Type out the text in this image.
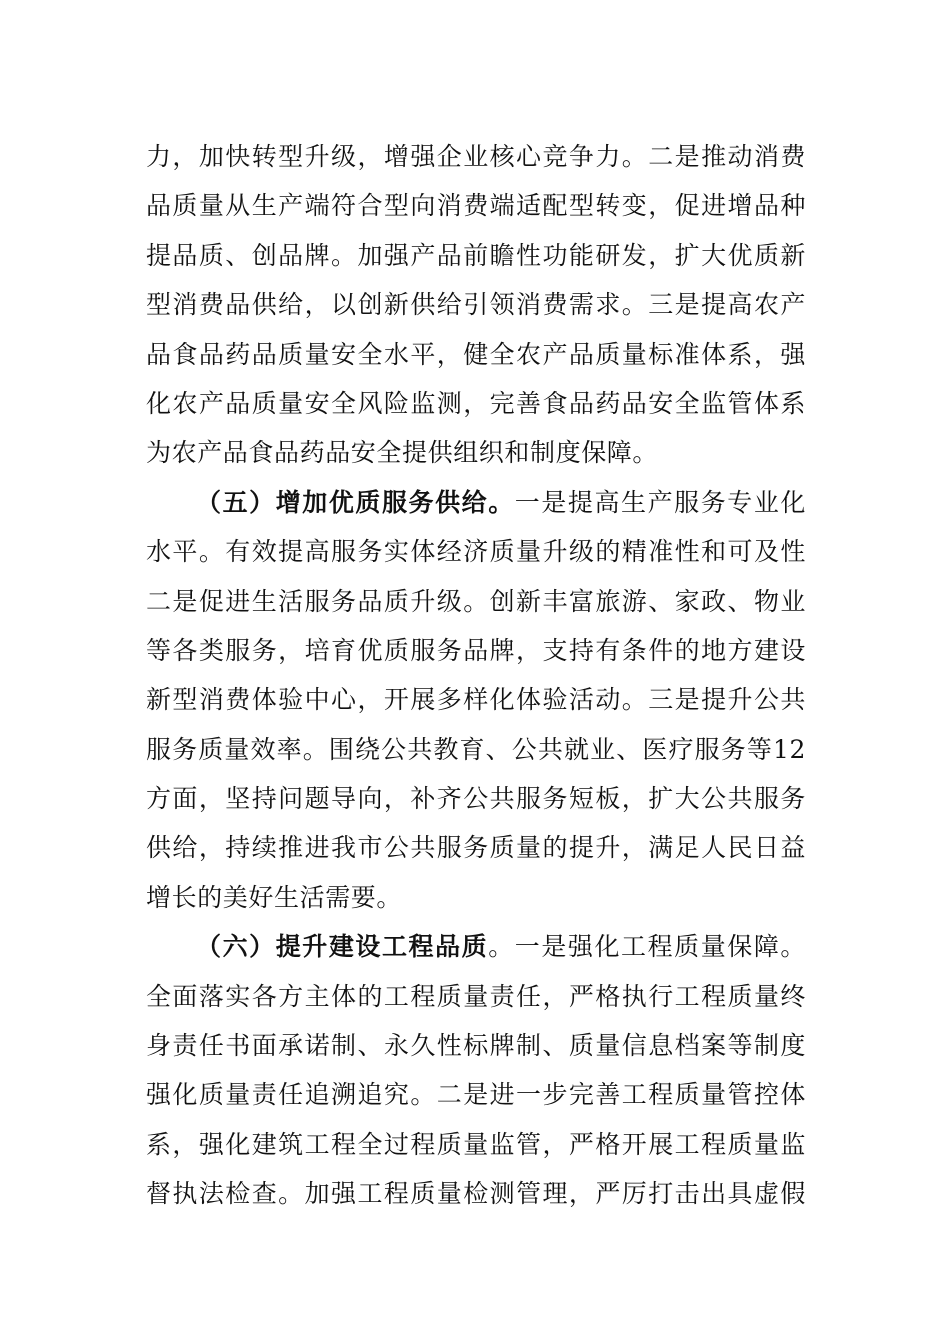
力，加快转型升级，增强企业核心竞争力。二是推动消费
品质量从生产端符合型向消费端适配型转变，促进增品种
提品质、创品牌。加强产品前瞻性功能研发，扩大优质新
型消费品供给，以创新供给引领消费需求。三是提高农产
品食品药品质量安全水平，健全农产品质量标准体系，强
化农产品质量安全风险监测，完善食品药品安全监管体系
为农产品食品药品安全提供组织和制度保障。
（五）增加优质服务供给。一是提高生产服务专业化
水平。有效提高服务实体经济质量升级的精准性和可及性
二是促进生活服务品质升级。创新丰富旅游、家政、物业
等各类服务，培育优质服务品牌，支持有条件的地方建设
新型消费体验中心，开展多样化体验活动。三是提升公共
服务质量效率。围绕公共教育、公共就业、医疗服务等12
方面，坚持问题导向，补齐公共服务短板，扩大公共服务
供给，持续推进我市公共服务质量的提升，满足人民日益
增长的美好生活需要。
（六）提升建设工程品质。一是强化工程质量保障。
全面落实各方主体的工程质量责任，严格执行工程质量终
身责任书面承诺制、永久性标牌制、质量信息档案等制度
强化质量责任追溯追究。二是进一步完善工程质量管控体
系，强化建筑工程全过程质量监管，严格开展工程质量监
督执法检查。加强工程质量检测管理，严厉打击出具虚假
